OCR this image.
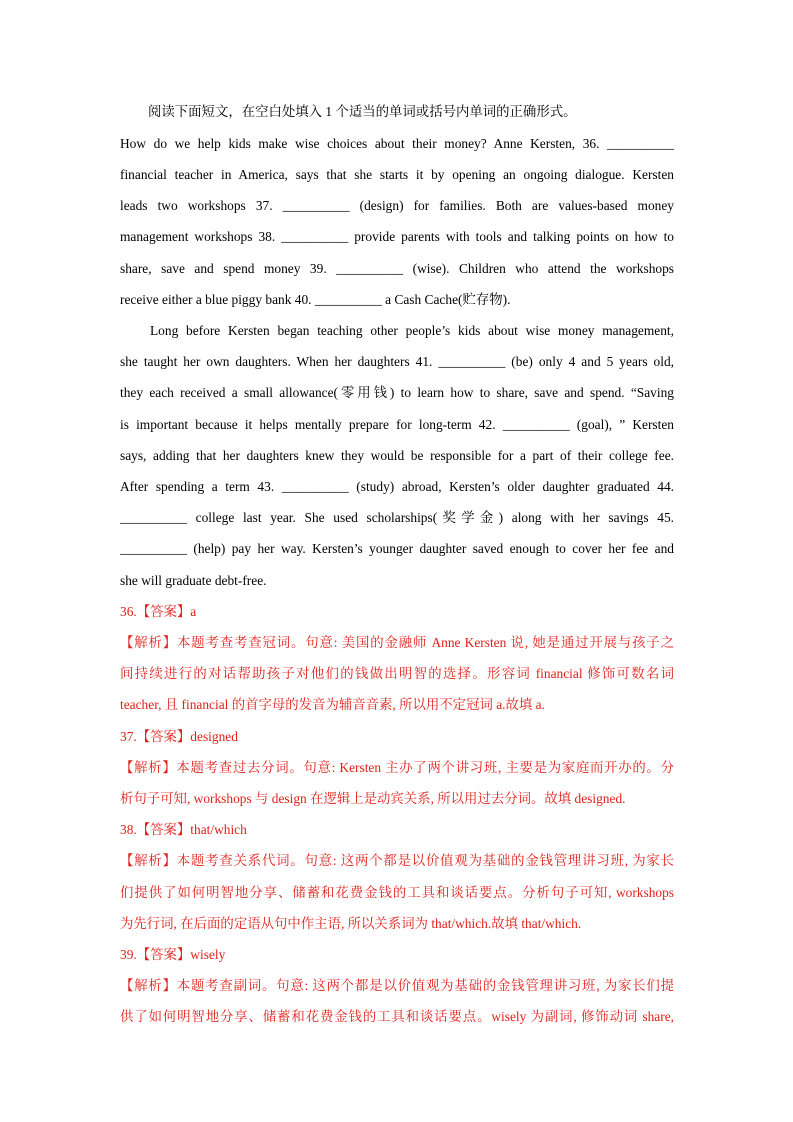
阅读下面短文，在空白处填入 1 个适当的单词或括号内单词的正确形式。
How do we help kids make wise choices about their money? Anne Kersten, 36. __________
financial teacher in America, says that she starts it by opening an ongoing dialogue. Kersten
leads two workshops 37. __________ (design) for families. Both are values-based money
management workshops 38. __________ provide parents with tools and talking points on how to
share, save and spend money 39. __________ (wise). Children who attend the workshops
receive either a blue piggy bank 40. __________ a Cash Cache(贮存物).
Long before Kersten began teaching other people’s kids about wise money management,
she taught her own daughters. When her daughters 41. __________ (be) only 4 and 5 years old,
they each received a small allowance(零用钱) to learn how to share, save and spend. “Saving
is important because it helps mentally prepare for long-term 42. __________ (goal), ” Kersten
says, adding that her daughters knew they would be responsible for a part of their college fee.
After spending a term 43. __________ (study) abroad, Kersten’s older daughter graduated 44.
__________ college last year. She used scholarships(奖学金) along with her savings 45.
__________ (help) pay her way. Kersten’s younger daughter saved enough to cover her fee and
she will graduate debt-free.
36.【答案】a
【解析】本题考查考查冠词。句意: 美国的金融师 Anne Kersten 说, 她是通过开展与孩子之
间持续进行的对话帮助孩子对他们的钱做出明智的选择。形容词 financial 修饰可数名词
teacher, 且 financial 的首字母的发音为辅音音素, 所以用不定冠词 a.故填 a.
37.【答案】designed
【解析】本题考查过去分词。句意: Kersten 主办了两个讲习班, 主要是为家庭而开办的。分
析句子可知, workshops 与 design 在逻辑上是动宾关系, 所以用过去分词。故填 designed.
38.【答案】that/which
【解析】本题考查关系代词。句意: 这两个都是以价值观为基础的金钱管理讲习班, 为家长
们提供了如何明智地分享、储蓄和花费金钱的工具和谈话要点。分析句子可知, workshops
为先行词, 在后面的定语从句中作主语, 所以关系词为 that/which.故填 that/which.
39.【答案】wisely
【解析】本题考查副词。句意: 这两个都是以价值观为基础的金钱管理讲习班, 为家长们提
供了如何明智地分享、储蓄和花费金钱的工具和谈话要点。wisely 为副词, 修饰动词 share,
